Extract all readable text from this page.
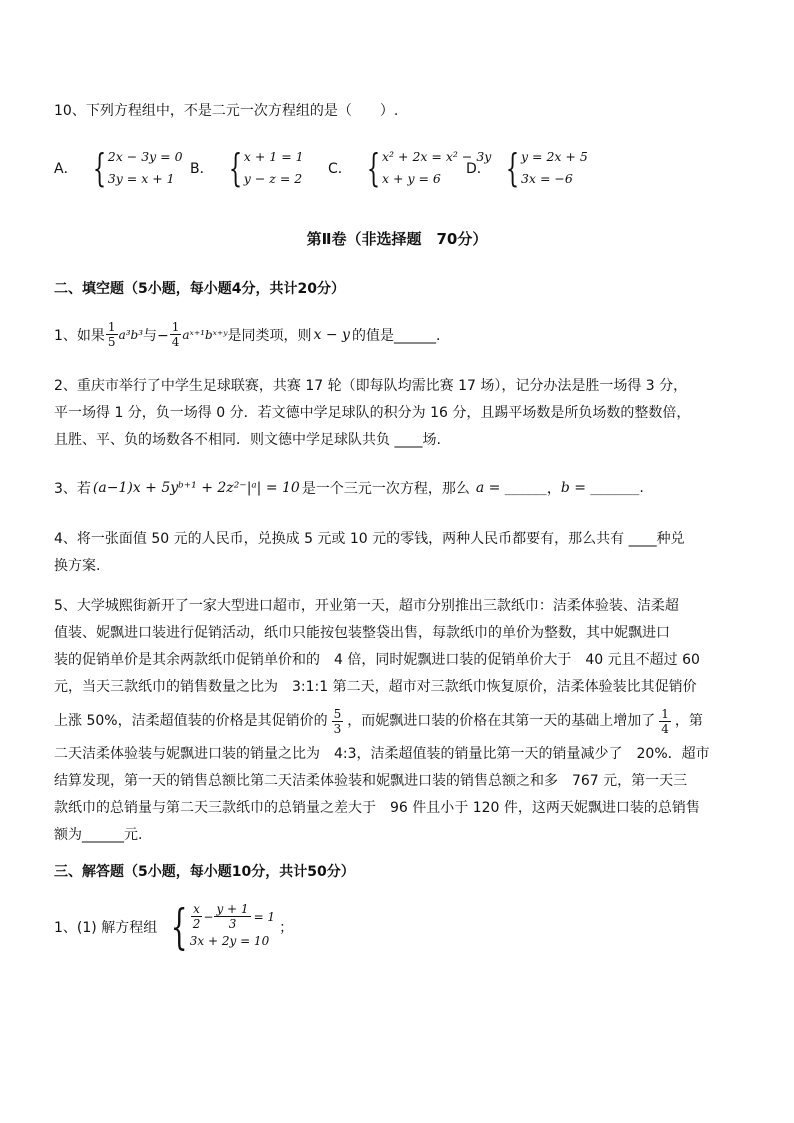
10、下列方程组中，不是二元一次方程组的是（　　）.
A． { 2x − 3y = 0
3y = x + 1
B． { x + 1 = 1
y − z = 2
C． { x² + 2x = x² − 3y
x + y = 6
D． { y = 2x + 5
3x = −6
第Ⅱ卷（非选择题　70分）
二、填空题（5小题，每小题4分，共计20分）
1、如果 $\frac{1}{5} a^3b^3$ 与− $\frac{1}{4}$ aˣ⁺¹bˣ⁺ʸ 是同类项，则 x − y 的值是______.
2、重庆市举行了中学生足球联赛，共赛 17 轮（即每队均需比赛 17 场），记分办法是胜一场得 3 分，
平一场得 1 分，负一场得 0 分．若文德中学足球队的积分为 16 分，且踢平场数是所负场数的整数倍，
且胜、平、负的场数各不相同．则文德中学足球队共负 ____场.
3、若 (a−1)x + 5yᵇ⁺¹ + 2z²⁻|ᵃ| = 10 是一个三元一次方程，那么 a = ______ ， b = _______ .
4、将一张面值 50 元的人民币，兑换成 5 元或 10 元的零钱，两种人民币都要有，那么共有 ____种兑
换方案.
5、大学城熙街新开了一家大型进口超市，开业第一天，超市分别推出三款纸巾：洁柔体验装、洁柔超
值装、妮飘进口装进行促销活动，纸巾只能按包装整袋出售，每款纸巾的单价为整数，其中妮飘进口
装的促销单价是其余两款纸巾促销单价和的　4 倍，同时妮飘进口装的促销单价大于　40 元且不超过 60
元，当天三款纸巾的销售数量之比为　3:1:1 第二天，超市对三款纸巾恢复原价，洁柔体验装比其促销价
上涨 50%，洁柔超值装的价格是其促销价的 $\frac{5}{3}$ ，而妮飘进口装的价格在其第一天的基础上增加了 $\frac{1}{4}$ ，第
二天洁柔体验装与妮飘进口装的销量之比为　4:3，洁柔超值装的销量比第一天的销量减少了　20%．超市
结算发现，第一天的销售总额比第二天洁柔体验装和妮飘进口装的销售总额之和多　767 元，第一天三
款纸巾的总销量与第二天三款纸巾的总销量之差大于　96 件且小于 120 件，这两天妮飘进口装的总销售
额为______元.
三、解答题（5小题，每小题10分，共计50分）
1、(1) 解方程组 { $\frac{x}{2} - \frac{y + 1}{3} = 1$
3x + 2y = 10
；
